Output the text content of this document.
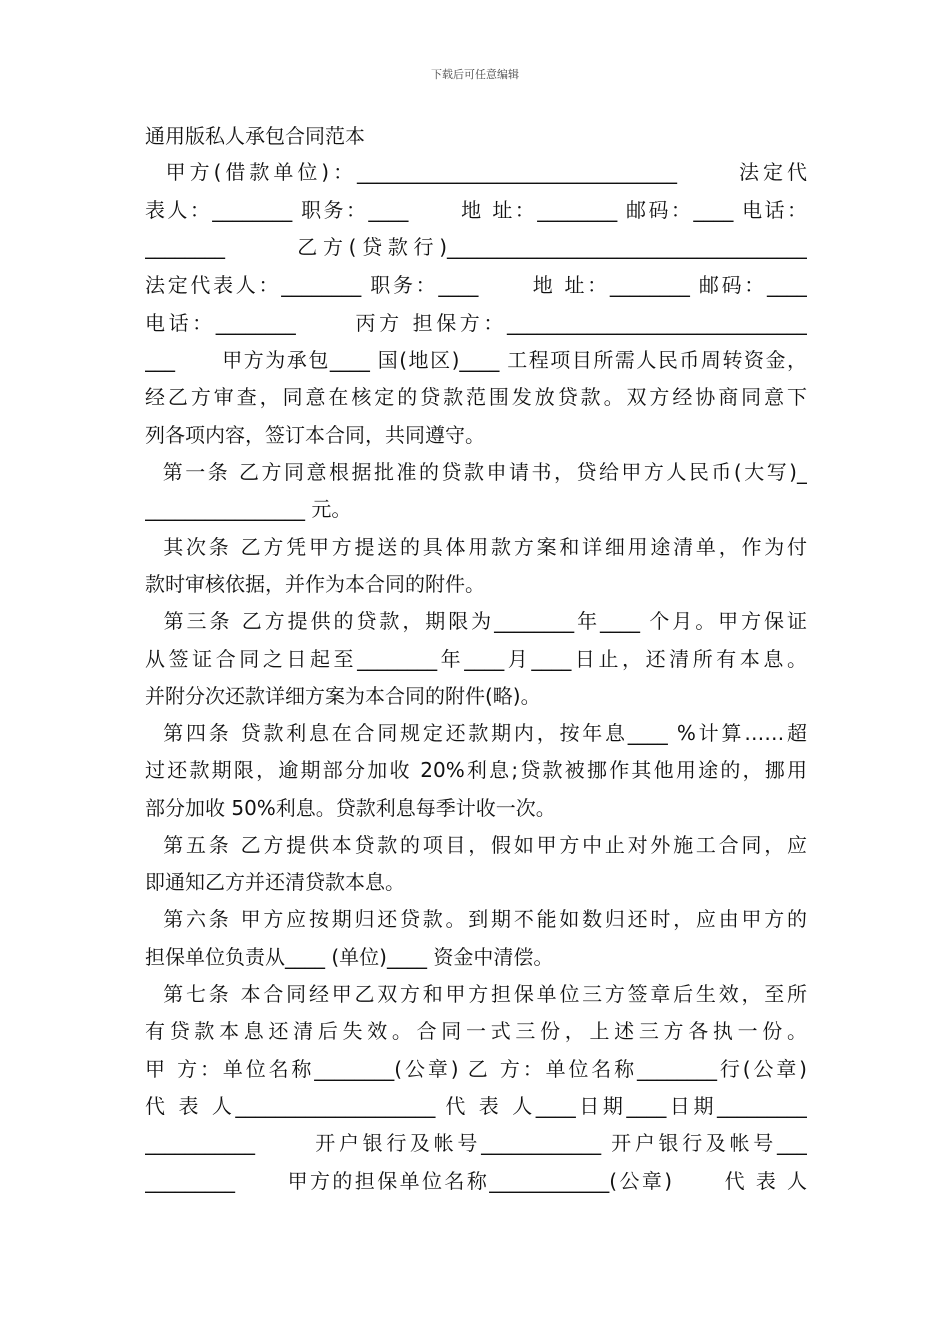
下载后可任意编辑
通用版私人承包合同范本
甲方(借款单位)：________________________________      法定代
表人：________ 职务：____      地 址：________ 邮码：____ 电话：
________      乙方(贷款行)____________________________________
法定代表人：________ 职务：____      地 址：________ 邮码：____
电话：________      丙方 担保方：______________________________
___      甲方为承包____ 国(地区)____ 工程项目所需人民币周转资金，
经乙方审查，同意在核定的贷款范围发放贷款。双方经协商同意下
列各项内容，签订本合同，共同遵守。
第一条 乙方同意根据批准的贷款申请书，贷给甲方人民币(大写)_
________________ 元。
其次条 乙方凭甲方提送的具体用款方案和详细用途清单，作为付
款时审核依据，并作为本合同的附件。
第三条 乙方提供的贷款，期限为________年____ 个月。甲方保证
从签证合同之日起至________年____月____日止，还清所有本息。
并附分次还款详细方案为本合同的附件(略)。
第四条 贷款利息在合同规定还款期内，按年息____ %计算……超
过还款期限，逾期部分加收 20%利息;贷款被挪作其他用途的，挪用
部分加收 50%利息。贷款利息每季计收一次。
第五条 乙方提供本贷款的项目，假如甲方中止对外施工合同，应
即通知乙方并还清贷款本息。
第六条 甲方应按期归还贷款。到期不能如数归还时，应由甲方的
担保单位负责从____ (单位)____ 资金中清偿。
第七条 本合同经甲乙双方和甲方担保单位三方签章后生效，至所
有贷款本息还清后失效。合同一式三份，上述三方各执一份。
甲 方：单位名称________(公章) 乙 方：单位名称________行(公章)
代 表 人____________________ 代 表 人____日期____日期_________
___________      开户银行及帐号____________ 开户银行及帐号___
_________      甲方的担保单位名称____________(公章)      代 表 人
